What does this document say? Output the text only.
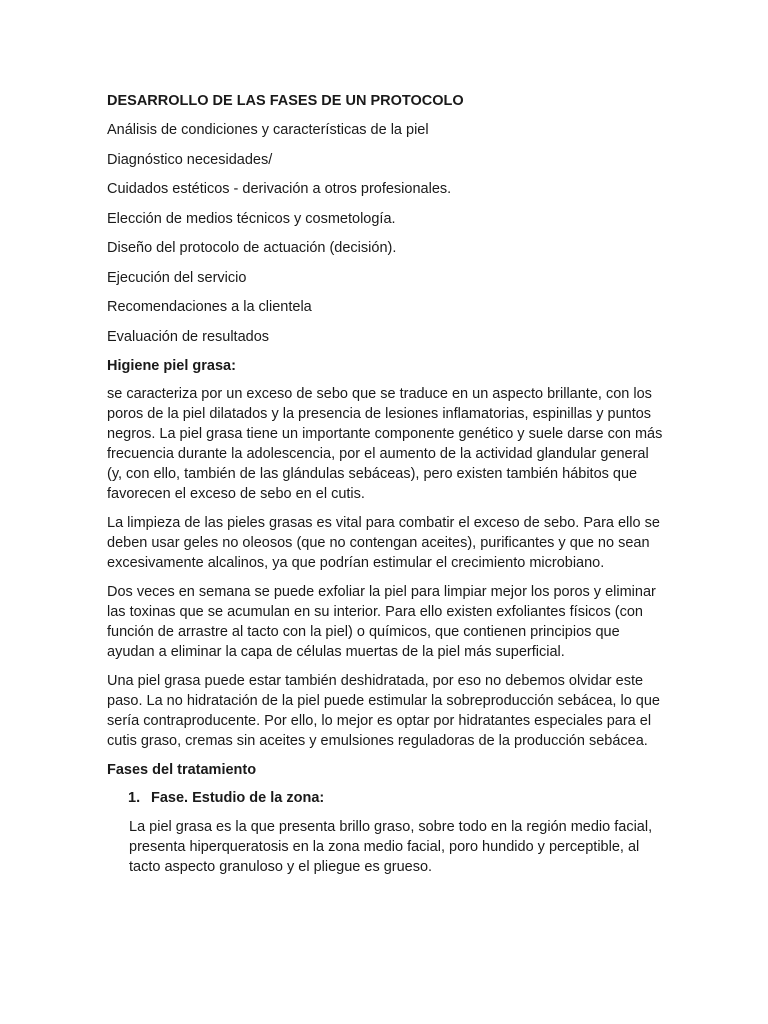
DESARROLLO DE LAS FASES DE UN PROTOCOLO
Análisis de condiciones y características de la piel
Diagnóstico necesidades/
Cuidados estéticos - derivación a otros profesionales.
Elección de medios técnicos y cosmetología.
Diseño del protocolo de actuación (decisión).
Ejecución del servicio
Recomendaciones a la clientela
Evaluación de resultados
Higiene piel grasa:
se caracteriza por un exceso de sebo que se traduce en un aspecto brillante, con los poros de la piel dilatados y la presencia de lesiones inflamatorias, espinillas y puntos negros. La piel grasa tiene un importante componente genético y suele darse con más frecuencia durante la adolescencia, por el aumento de la actividad glandular general (y, con ello, también de las glándulas sebáceas), pero existen también hábitos que favorecen el exceso de sebo en el cutis.
La limpieza de las pieles grasas es vital para combatir el exceso de sebo. Para ello se deben usar geles no oleosos (que no contengan aceites), purificantes y que no sean excesivamente alcalinos, ya que podrían estimular el crecimiento microbiano.
Dos veces en semana se puede exfoliar la piel para limpiar mejor los poros y eliminar las toxinas que se acumulan en su interior. Para ello existen exfoliantes físicos (con función de arrastre al tacto con la piel) o químicos, que contienen principios que ayudan a eliminar la capa de células muertas de la piel más superficial.
Una piel grasa puede estar también deshidratada, por eso no debemos olvidar este paso. La no hidratación de la piel puede estimular la sobreproducción sebácea, lo que sería contraproducente. Por ello, lo mejor es optar por hidratantes especiales para el cutis graso, cremas sin aceites y emulsiones reguladoras de la producción sebácea.
Fases del tratamiento
1. Fase. Estudio de la zona:
La piel grasa es la que presenta brillo graso, sobre todo en la región medio facial, presenta hiperqueratosis en la zona medio facial, poro hundido y perceptible, al tacto aspecto granuloso y el pliegue es grueso.
